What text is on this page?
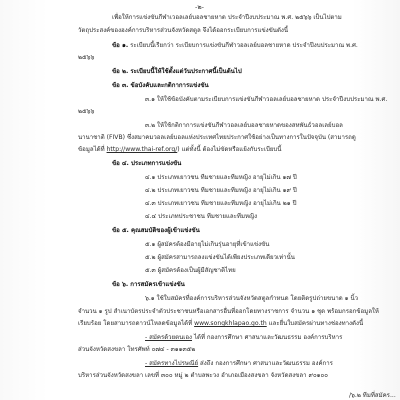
-๒-
เพื่อให้การแข่งขันกีฬาเวอลเลย์บอลชายหาด ประจำปีงบประมาณ พ.ศ. ๒๕๖๖ เป็นไปตาม
วัตถุประสงค์ของฮงค์การบริหารส่วนจังหวัดสตูล จึงได้ออกระเบียบการแข่งขันดังนี้
ข้อ ๑. ระเบียบนี้เรียกว่า ระเบียบการแข่งขันกีฬาวอลเลย์บอลชายหาด ประจำปีงบประมาณ พ.ศ.
๒๕๖๖
ข้อ ๒. ระเบียบนี้ให้ใช้ตั้งแต่วันประกาศนี้เป็นต้นไป
ข้อ ๓. ข้อบังคับและกติกาการแข่งขัน
๓.๑ ให้ใช้ข้อบังคับตามระเบียบการแข่งขันกีฬาวอลเลย์บอลชายหาด ประจำปีงบประมาณ พ.ศ.
๒๕๖๖
๓.๒ ให้ใช้กติกาการแข่งขันกีฬาวอลเลย์บอลชายหาดของสหพันธ์วอลเลย์บอล
นานาชาติ (FIVB) ซึ่งสมาคมวอลเลย์บอลแห่งประเทศไทยประกาศใช้อย่างเป็นทางการในปัจจุบัน (สามารถดู
ข้อมูลได้ที่ http://www.thai-ref.org/) แต่ทั้งนี้ ต้องไม่ขัดหรือแย้งกับระเบียบนี้
ข้อ ๔. ประเภทการแข่งขัน
๔.๑ ประเภทเยาวชน ทีมชายและทีมหญิง อายุไม่เกิน ๑๗ ปี
๔.๒ ประเภทเยาวชน ทีมชายและทีมหญิง อายุไม่เกิน ๑๙ ปี
๔.๓ ประเภทเยาวชน ทีมชายและทีมหญิง อายุไม่เกิน ๒๑ ปี
๔.๔ ประเภทประชาชน ทีมชายและทีมหญิง
ข้อ ๕. คุณสมบัติของผู้เข้าแข่งขัน
๕.๑ ผู้สมัครต้องมีอายุไม่เกินรุ่นอายุที่เข้าแข่งขัน
๕.๒ ผู้สมัครสามารถลงแข่งขันได้เพียงประเภทเดียวเท่านั้น
๕.๓ ผู้สมัครต้องเป็นผู้มีสัญชาติไทย
ข้อ ๖. การสมัครเข้าแข่งขัน
๖.๑ ใช้ใบสมัครที่องค์การบริหารส่วนจังหวัดสตูลกำหนด โดยติดรูปถ่ายขนาด ๑ นิ้ว
จำนวน ๑ รูป สำเนาบัตรประจำตัวประชาชนหรือเอกสารอื่นที่ออกโดยทางราชการ จำนวน ๑ ชุด พร้อมกรอกข้อมูลให้
เรียบร้อย โดยสามารถดาวน์โหลดข้อมูลได้ที่ www.songkhlapao.go.th และยื่นใบสมัครผ่านทางช่องทางดังนี้
- สมัครด้วยตนเอง ได้ที่ กองการศึกษา ศาสนาและวัฒนธรรม องค์การบริหาร
ส่วนจังหวัดสงขลา โทรศัพท์ ๐๗๔ - ๓๑๑๓๕๒
- สมัครทางไปรษณีย์ ส่งถึง กองการศึกษา ศาสนาและวัฒนธรรม องค์การ
บริหารส่วนจังหวัดสงขลา เลขที่ ๓๐๐ หมู่ ๒ ตำบลพะวง อำเภอเมืองสงขลา จังหวัดสงขลา ๙๐๑๐๐
/๖.๒ ทีมที่สมัคร...
